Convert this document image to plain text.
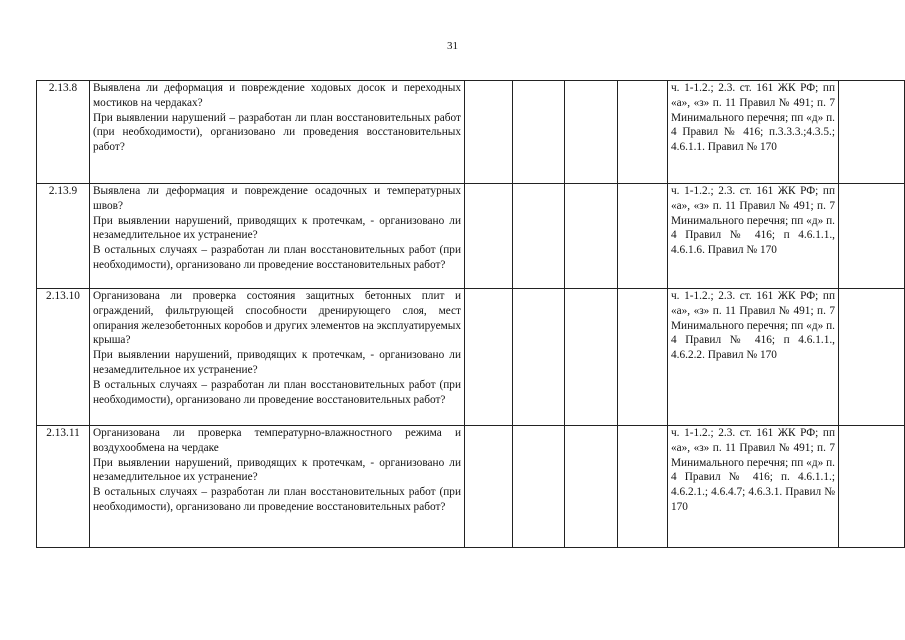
31
2.13.8	Выявлена ли деформация и повреждение ходовых досок и переходных мостиков на чердаках?
При выявлении нарушений – разработан ли план восстановительных работ (при необходимости), организовано ли проведения восстановительных работ?					ч. 1-1.2.; 2.3. ст. 161 ЖК РФ; пп «а», «з» п. 11 Правил № 491; п. 7 Минимального перечня; пп «д» п. 4 Правил № 416; п.3.3.3.;4.3.5.; 4.6.1.1. Правил № 170	
2.13.9	Выявлена ли деформация и повреждение осадочных и температурных швов?
При выявлении нарушений, приводящих к протечкам, - организовано ли незамедлительное их устранение?
В остальных случаях – разработан ли план восстановительных работ (при необходимости), организовано ли проведение восстановительных работ?					ч. 1-1.2.; 2.3. ст. 161 ЖК РФ; пп «а», «з» п. 11 Правил № 491; п. 7 Минимального перечня; пп «д» п. 4 Правил № 416; п 4.6.1.1., 4.6.1.6. Правил № 170	
2.13.10	Организована ли проверка состояния защитных бетонных плит и ограждений, фильтрующей способности дренирующего слоя, мест опирания железобетонных коробов и других элементов на эксплуатируемых крыша?
При выявлении нарушений, приводящих к протечкам, - организовано ли незамедлительное их устранение?
В остальных случаях – разработан ли план восстановительных работ (при необходимости), организовано ли проведение восстановительных работ?					ч. 1-1.2.; 2.3. ст. 161 ЖК РФ; пп «а», «з» п. 11 Правил № 491; п. 7 Минимального перечня; пп «д» п. 4 Правил № 416; п 4.6.1.1., 4.6.2.2. Правил № 170	
2.13.11	Организована ли проверка температурно-влажностного режима и воздухообмена на чердаке
При выявлении нарушений, приводящих к протечкам, - организовано ли незамедлительное их устранение?
В остальных случаях – разработан ли план восстановительных работ (при необходимости), организовано ли проведение восстановительных работ?					ч. 1-1.2.; 2.3. ст. 161 ЖК РФ; пп «а», «з» п. 11 Правил № 491; п. 7 Минимального перечня; пп «д» п. 4 Правил № 416; п. 4.6.1.1.; 4.6.2.1.; 4.6.4.7; 4.6.3.1. Правил № 170	
